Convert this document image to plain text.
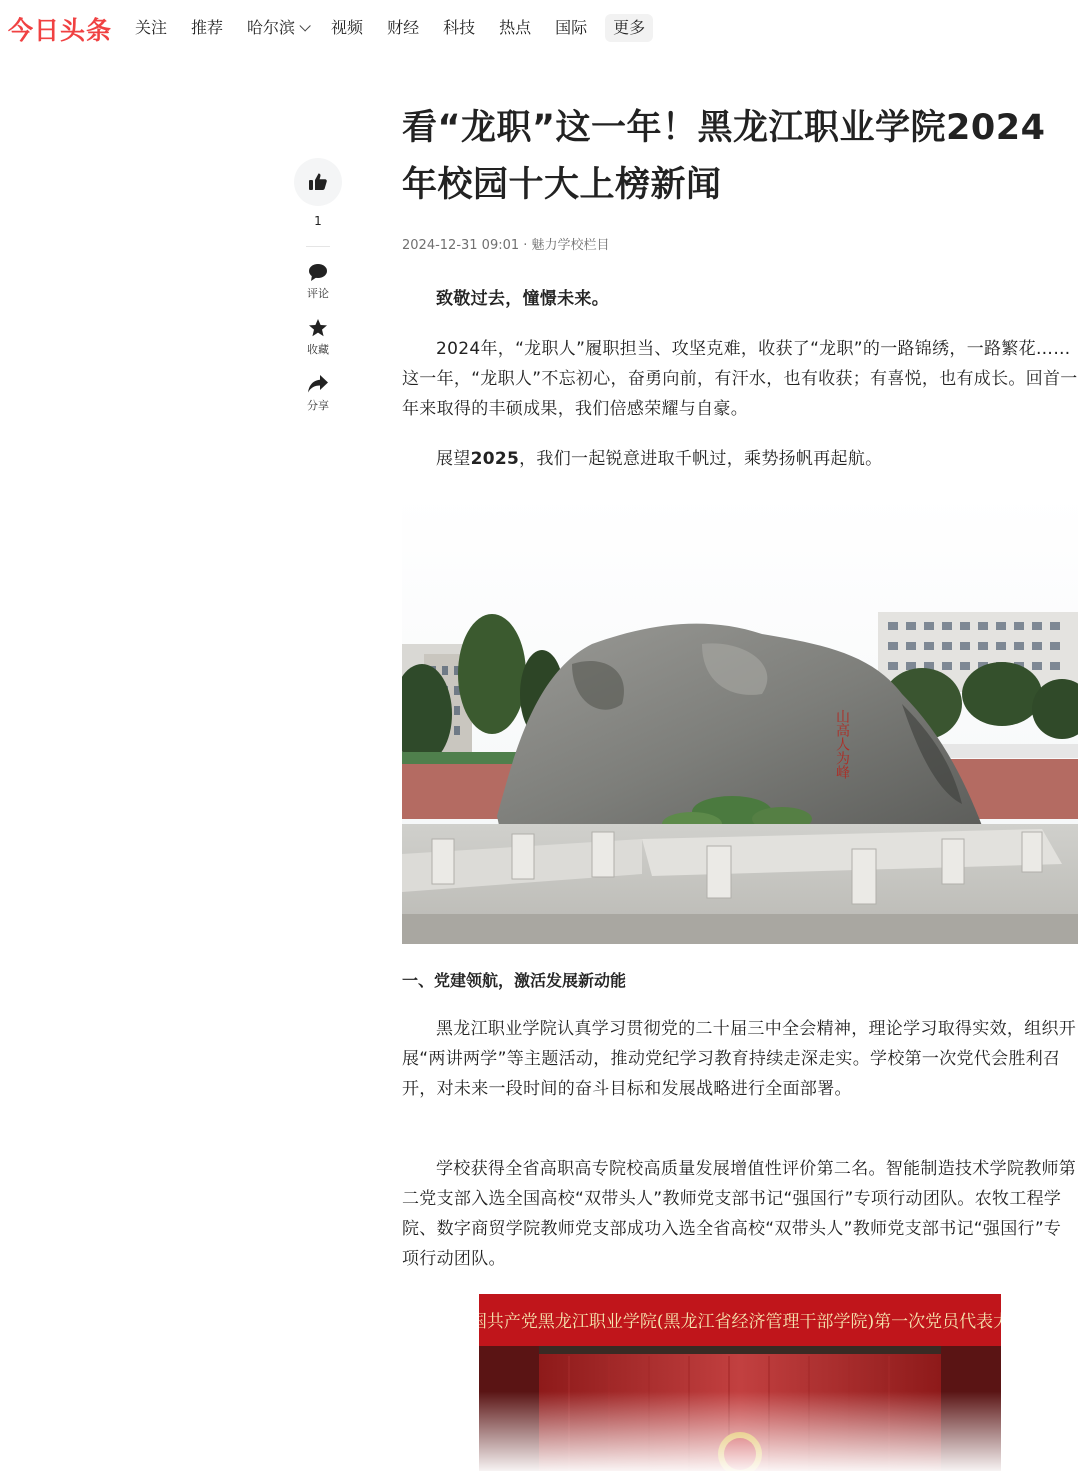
今日头条 关注 推荐 哈尔滨 视频 财经 科技 热点 国际	更多
1
评论
收藏
分享
看“龙职”这一年！黑龙江职业学院2024年校园十大上榜新闻
2024-12-31 09:01 · 魅力学校栏目

致敬过去，憧憬未来。

2024年，“龙职人”履职担当、攻坚克难，收获了“龙职”的一路锦绣，一路繁花……这一年，“龙职人”不忘初心，奋勇向前，有汗水，也有收获；有喜悦，也有成长。回首一年来取得的丰硕成果，我们倍感荣耀与自豪。

展望2025，我们一起锐意进取千帆过，乘势扬帆再起航。

山高人为峰
一、党建领航，激活发展新动能

黑龙江职业学院认真学习贯彻党的二十届三中全会精神，理论学习取得实效，组织开展“两讲两学”等主题活动，推动党纪学习教育持续走深走实。学校第一次党代会胜利召开，对未来一段时间的奋斗目标和发展战略进行全面部署。

学校获得全省高职高专院校高质量发展增值性评价第二名。智能制造技术学院教师第二党支部入选全国高校“双带头人”教师党支部书记“强国行”专项行动团队。农牧工程学院、数字商贸学院教师党支部成功入选全省高校“双带头人”教师党支部书记“强国行”专项行动团队。
